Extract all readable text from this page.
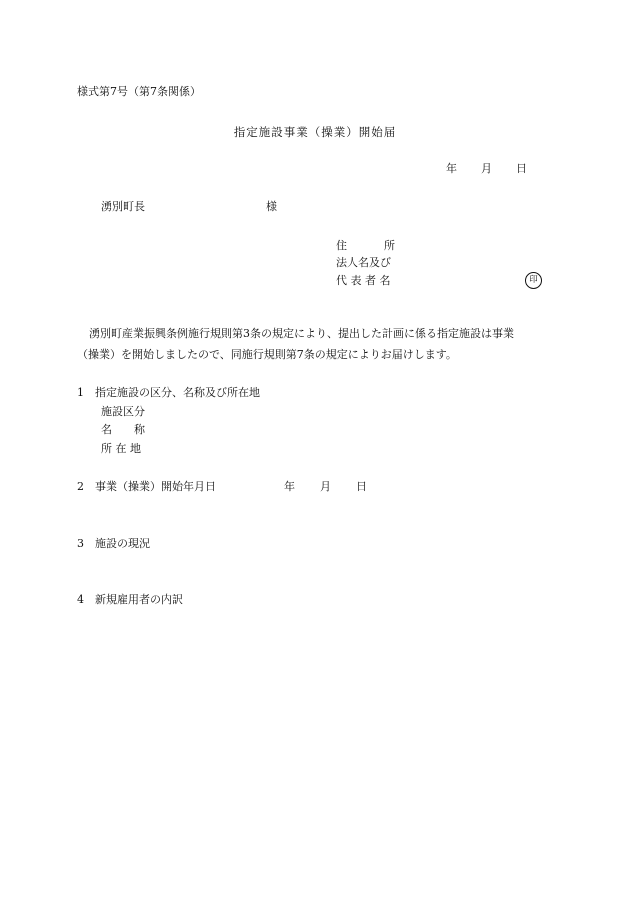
様式第7号（第7条関係）
指定施設事業（操業）開始届
年 月 日
湧別町長	様
住	所
法人名及び
代 表 者 名	印
湧別町産業振興条例施行規則第3条の規定により、提出した計画に係る指定施設は事業
（操業）を開始しましたので、同施行規則第7条の規定によりお届けします。
1　指定施設の区分、名称及び所在地
施設区分
名　　称
所 在 地
2　事業（操業）開始年月日	年 月 日
3　施設の現況
4　新規雇用者の内訳
